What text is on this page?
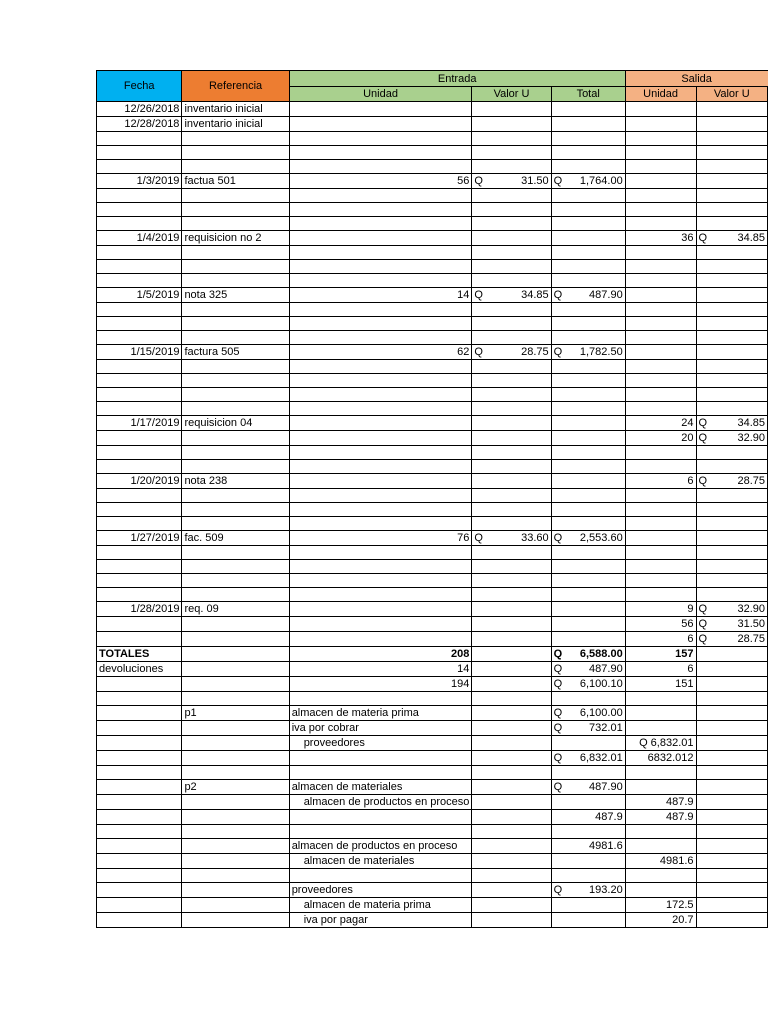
Fecha	Referencia	Entrada			Salida	
		Unidad	Valor U	Total	Unidad	Valor U
12/26/2018	inventario inicial					
12/28/2018	inventario inicial					

1/3/2019	factua 501	56	Q 31.50	Q 1,764.00		

1/4/2019	requisicion no 2				36	Q 34.85

1/5/2019	nota 325	14	Q 34.85	Q 487.90		

1/15/2019	factura 505	62	Q 28.75	Q 1,782.50		

1/17/2019	requisicion 04				24	Q 34.85

					20	Q 32.90

1/20/2019	nota 238				6	Q 28.75

1/27/2019	fac. 509	76	Q 33.60	Q 2,553.60		

1/28/2019	req. 09				9	Q 32.90

					56	Q 31.50

					6	Q 28.75

TOTALES		208		Q 6,588.00	157	
devoluciones		14		Q 487.90	6	
		194		Q 6,100.10	151	

	p1	almacen de materia prima		Q 6,100.00		

		iva por cobrar		Q 732.01		

		proveedores			Q 6,832.01	

				Q 6,832.01	6832.012	

	p2	almacen de materiales		Q 487.90		

		almacen de productos en proceso			487.9	
				487.9	487.9	

		almacen de productos en proceso		4981.6		
		almacen de materiales			4981.6	

		proveedores		Q 193.20		

		almacen de materia prima			172.5	
		iva por pagar			20.7	
